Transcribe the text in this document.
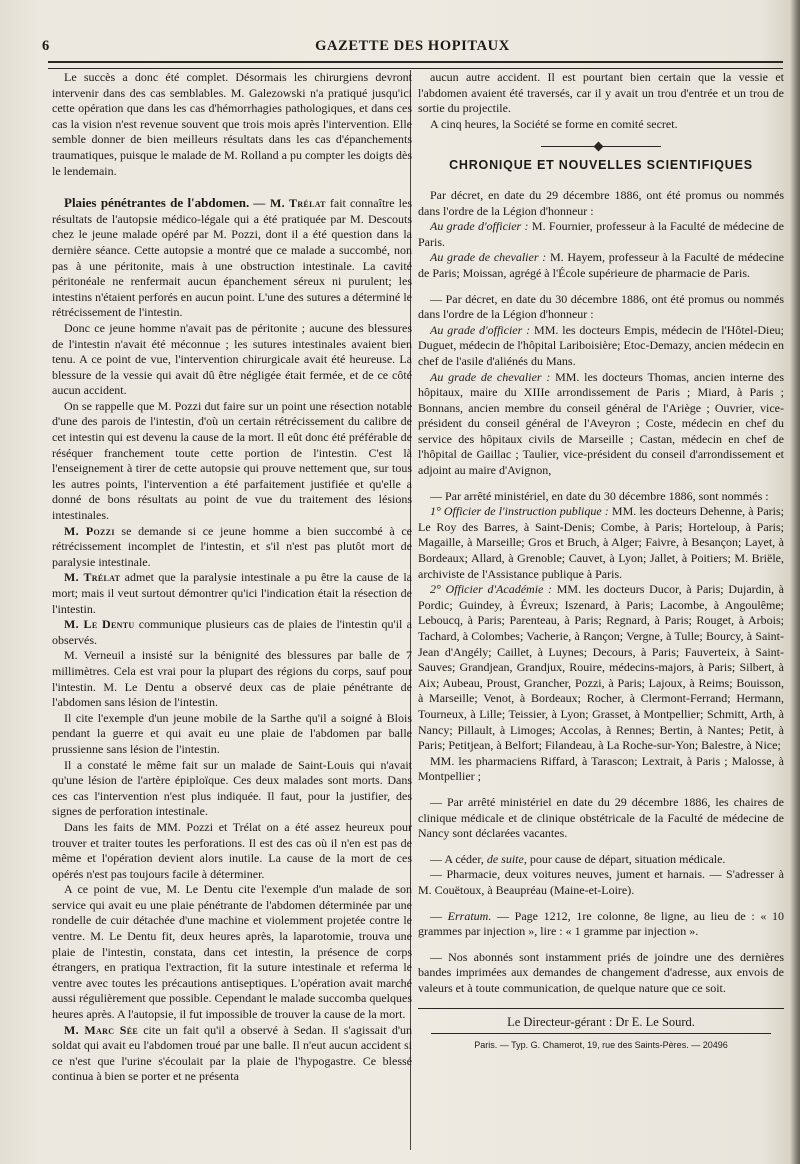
6	GAZETTE DES HOPITAUX

Le succès a donc été complet. Désormais les chirurgiens devront intervenir dans des cas semblables. M. Galezowski n'a pratiqué jusqu'ici cette opération que dans les cas d'hémorrhagies pathologiques, et dans ces cas la vision n'est revenue souvent que trois mois après l'intervention. Elle semble donner de bien meilleurs résultats dans les cas d'épanchements traumatiques, puisque le malade de M. Rolland a pu compter les doigts dès le lendemain.

Plaies pénétrantes de l'abdomen. — M. Trélat fait connaître les résultats de l'autopsie médico-légale qui a été pratiquée par M. Descouts chez le jeune malade opéré par M. Pozzi, dont il a été question dans la dernière séance. Cette autopsie a montré que ce malade a succombé, non pas à une péritonite, mais à une obstruction intestinale. La cavité péritonéale ne renfermait aucun épanchement séreux ni purulent; les intestins n'étaient perforés en aucun point. L'une des sutures a déterminé le rétrécissement de l'intestin.

Donc ce jeune homme n'avait pas de péritonite ; aucune des blessures de l'intestin n'avait été méconnue ; les sutures intestinales avaient bien tenu. A ce point de vue, l'intervention chirurgicale avait été heureuse. La blessure de la vessie qui avait dû être négligée était fermée, et de ce côté aucun accident.

On se rappelle que M. Pozzi dut faire sur un point une résection notable d'une des parois de l'intestin, d'où un certain rétrécissement du calibre de cet intestin qui est devenu la cause de la mort. Il eût donc été préférable de réséquer franchement toute cette portion de l'intestin. C'est là l'enseignement à tirer de cette autopsie qui prouve nettement que, sur tous les autres points, l'intervention a été parfaitement justifiée et qu'elle a donné de bons résultats au point de vue du traitement des lésions intestinales.

M. Pozzi se demande si ce jeune homme a bien succombé à ce rétrécissement incomplet de l'intestin, et s'il n'est pas plutôt mort de paralysie intestinale.

M. Trélat admet que la paralysie intestinale a pu être la cause de la mort; mais il veut surtout démontrer qu'ici l'indication était la résection de l'intestin.

M. Le Dentu communique plusieurs cas de plaies de l'intestin qu'il a observés.

M. Verneuil a insisté sur la bénignité des blessures par balle de 7 millimètres. Cela est vrai pour la plupart des régions du corps, sauf pour l'intestin. M. Le Dentu a observé deux cas de plaie pénétrante de l'abdomen sans lésion de l'intestin.

Il cite l'exemple d'un jeune mobile de la Sarthe qu'il a soigné à Blois pendant la guerre et qui avait eu une plaie de l'abdomen par balle prussienne sans lésion de l'intestin.

Il a constaté le même fait sur un malade de Saint-Louis qui n'avait qu'une lésion de l'artère épiploïque. Ces deux malades sont morts. Dans ces cas l'intervention n'est plus indiquée. Il faut, pour la justifier, des signes de perforation intestinale.

Dans les faits de MM. Pozzi et Trélat on a été assez heureux pour trouver et traiter toutes les perforations. Il est des cas où il n'en est pas de même et l'opération devient alors inutile. La cause de la mort de ces opérés n'est pas toujours facile à déterminer.

A ce point de vue, M. Le Dentu cite l'exemple d'un malade de son service qui avait eu une plaie pénétrante de l'abdomen déterminée par une rondelle de cuir détachée d'une machine et violemment projetée contre le ventre. M. Le Dentu fit, deux heures après, la laparotomie, trouva une plaie de l'intestin, constata, dans cet intestin, la présence de corps étrangers, en pratiqua l'extraction, fit la suture intestinale et referma le ventre avec toutes les précautions antiseptiques. L'opération avait marché aussi régulièrement que possible. Cependant le malade succomba quelques heures après. A l'autopsie, il fut impossible de trouver la cause de la mort.

M. Marc Sée cite un fait qu'il a observé à Sedan. Il s'agissait d'un soldat qui avait eu l'abdomen troué par une balle. Il n'eut aucun accident si ce n'est que l'urine s'écoulait par la plaie de l'hypogastre. Ce blessé continua à bien se porter et ne présenta

aucun autre accident. Il est pourtant bien certain que la vessie et l'abdomen avaient été traversés, car il y avait un trou d'entrée et un trou de sortie du projectile.

A cinq heures, la Société se forme en comité secret.

CHRONIQUE ET NOUVELLES SCIENTIFIQUES

Par décret, en date du 29 décembre 1886, ont été promus ou nommés dans l'ordre de la Légion d'honneur :

Au grade d'officier : M. Fournier, professeur à la Faculté de médecine de Paris.

Au grade de chevalier : M. Hayem, professeur à la Faculté de médecine de Paris; Moissan, agrégé à l'École supérieure de pharmacie de Paris.

— Par décret, en date du 30 décembre 1886, ont été promus ou nommés dans l'ordre de la Légion d'honneur :

Au grade d'officier : MM. les docteurs Empis, médecin de l'Hôtel-Dieu; Duguet, médecin de l'hôpital Lariboisière; Etoc-Demazy, ancien médecin en chef de l'asile d'aliénés du Mans.

Au grade de chevalier : MM. les docteurs Thomas, ancien interne des hôpitaux, maire du XIIIe arrondissement de Paris ; Miard, à Paris ; Bonnans, ancien membre du conseil général de l'Ariège ; Ouvrier, vice-président du conseil général de l'Aveyron ; Coste, médecin en chef du service des hôpitaux civils de Marseille ; Castan, médecin en chef de l'hôpital de Gaillac ; Taulier, vice-président du conseil d'arrondissement et adjoint au maire d'Avignon,

— Par arrêté ministériel, en date du 30 décembre 1886, sont nommés :

1° Officier de l'instruction publique : MM. les docteurs Dehenne, à Paris; Le Roy des Barres, à Saint-Denis; Combe, à Paris; Horteloup, à Paris; Magaille, à Marseille; Gros et Bruch, à Alger; Faivre, à Besançon; Layet, à Bordeaux; Allard, à Grenoble; Cauvet, à Lyon; Jallet, à Poitiers; M. Briële, archiviste de l'Assistance publique à Paris.

2° Officier d'Académie : MM. les docteurs Ducor, à Paris; Dujardin, à Pordic; Guindey, à Évreux; Iszenard, à Paris; Lacombe, à Angoulême; Leboucq, à Paris; Parenteau, à Paris; Regnard, à Paris; Rouget, à Arbois; Tachard, à Colombes; Vacherie, à Rançon; Vergne, à Tulle; Bourcy, à Saint-Jean d'Angély; Caillet, à Luynes; Decours, à Paris; Fauverteix, à Saint-Sauves; Grandjean, Grandjux, Rouire, médecins-majors, à Paris; Silbert, à Aix; Aubeau, Proust, Grancher, Pozzi, à Paris; Lajoux, à Reims; Bouisson, à Marseille; Venot, à Bordeaux; Rocher, à Clermont-Ferrand; Hermann, Tourneux, à Lille; Teissier, à Lyon; Grasset, à Montpellier; Schmitt, Arth, à Nancy; Pillault, à Limoges; Accolas, à Rennes; Bertin, à Nantes; Petit, à Paris; Petitjean, à Belfort; Filandeau, à La Roche-sur-Yon; Balestre, à Nice;

MM. les pharmaciens Riffard, à Tarascon; Lextrait, à Paris ; Malosse, à Montpellier ;

— Par arrêté ministériel en date du 29 décembre 1886, les chaires de clinique médicale et de clinique obstétricale de la Faculté de médecine de Nancy sont déclarées vacantes.

— A céder, de suite, pour cause de départ, situation médicale.

— Pharmacie, deux voitures neuves, jument et harnais. — S'adresser à M. Couëtoux, à Beaupréau (Maine-et-Loire).

— Erratum. — Page 1212, 1re colonne, 8e ligne, au lieu de : « 10 grammes par injection », lire : « 1 gramme par injection ».

— Nos abonnés sont instamment priés de joindre une des dernières bandes imprimées aux demandes de changement d'adresse, aux envois de valeurs et à toute communication, de quelque nature que ce soit.

Le Directeur-gérant : Dr E. Le Sourd.
Paris. — Typ. G. Chamerot, 19, rue des Saints-Pères. — 20496
